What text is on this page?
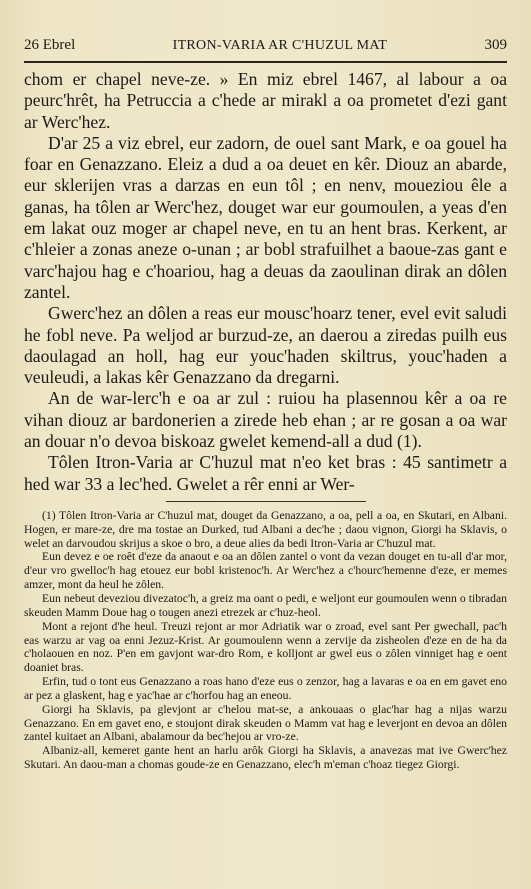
26 Ebrel	ITRON-VARIA AR C'HUZUL MAT	309

chom er chapel neve-ze. » En miz ebrel 1467, al labour a oa peurc'hrêt, ha Petruccia a c'hede ar mirakl a oa prometet d'ezi gant ar Werc'hez.

D'ar 25 a viz ebrel, eur zadorn, de ouel sant Mark, e oa gouel ha foar en Genazzano. Eleiz a dud a oa deuet en kêr. Diouz an abarde, eur sklerijen vras a darzas en eun tôl ; en nenv, moueziou êle a ganas, ha tôlen ar Werc'hez, douget war eur goumoulen, a yeas d'en em lakat ouz moger ar chapel neve, en tu an hent bras. Kerkent, ar c'hleier a zonas aneze o-unan ; ar bobl strafuilhet a baoue-zas gant e varc'hajou hag e c'hoariou, hag a deuas da zaoulinan dirak an dôlen zantel.

Gwerc'hez an dôlen a reas eur mousc'hoarz tener, evel evit saludi he fobl neve. Pa weljod ar burzud-ze, an daerou a ziredas puilh eus daoulagad an holl, hag eur youc'haden skiltrus, youc'haden a veuleudi, a lakas kêr Genazzano da dregarni.

An de war-lerc'h e oa ar zul : ruiou ha plasennou kêr a oa re vihan diouz ar bardonerien a zirede heb ehan ; ar re gosan a oa war an douar n'o devoa biskoaz gwelet kemend-all a dud (1).

Tôlen Itron-Varia ar C'huzul mat n'eo ket bras : 45 santimetr a hed war 33 a lec'hed. Gwelet a rêr enni ar Wer-

(1) Tôlen Itron-Varia ar C'huzul mat, douget da Genazzano, a oa, pell a oa, en Skutari, en Albani. Hogen, er mare-ze, dre ma tostae an Durked, tud Albani a dec'he ; daou vignon, Giorgi ha Sklavis, o welet an darvoudou skrijus a skoe o bro, a deue alies da bedi Itron-Varia ar C'huzul mat.

Eun devez e oe roêt d'eze da anaout e oa an dôlen zantel o vont da vezan douget en tu-all d'ar mor, d'eur vro gwelloc'h hag etouez eur bobl kristenoc'h. Ar Werc'hez a c'hourc'hemenne d'eze, er memes amzer, mont da heul he zôlen.

Eun nebeut deveziou divezatoc'h, a greiz ma oant o pedi, e weljont eur goumoulen wenn o tibradan skeuden Mamm Doue hag o tougen anezi etrezek ar c'huz-heol.

Mont a rejont d'he heul. Treuzi rejont ar mor Adriatik war o zroad, evel sant Per gwechall, pac'h eas warzu ar vag oa enni Jezuz-Krist. Ar goumoulenn wenn a zervije da zisheolen d'eze en de ha da c'holaouen en noz. P'en em gavjont war-dro Rom, e kolljont ar gwel eus o zôlen vinniget hag e oent doaniet bras.

Erfin, tud o tont eus Genazzano a roas hano d'eze eus o zenzor, hag a lavaras e oa en em gavet eno ar pez a glaskent, hag e yac'hae ar c'horfou hag an eneou.

Giorgi ha Sklavis, pa glevjont ar c'helou mat-se, a ankouaas o glac'har hag a nijas warzu Genazzano. En em gavet eno, e stoujont dirak skeuden o Mamm vat hag e leverjont en devoa an dôlen zantel kuitaet an Albani, abalamour da bec'hejou ar vro-ze.

Albaniz-all, kemeret gante hent an harlu arôk Giorgi ha Sklavis, a anavezas mat ive Gwerc'hez Skutari. An daou-man a chomas goude-ze en Genazzano, elec'h m'eman c'hoaz tiegez Giorgi.
